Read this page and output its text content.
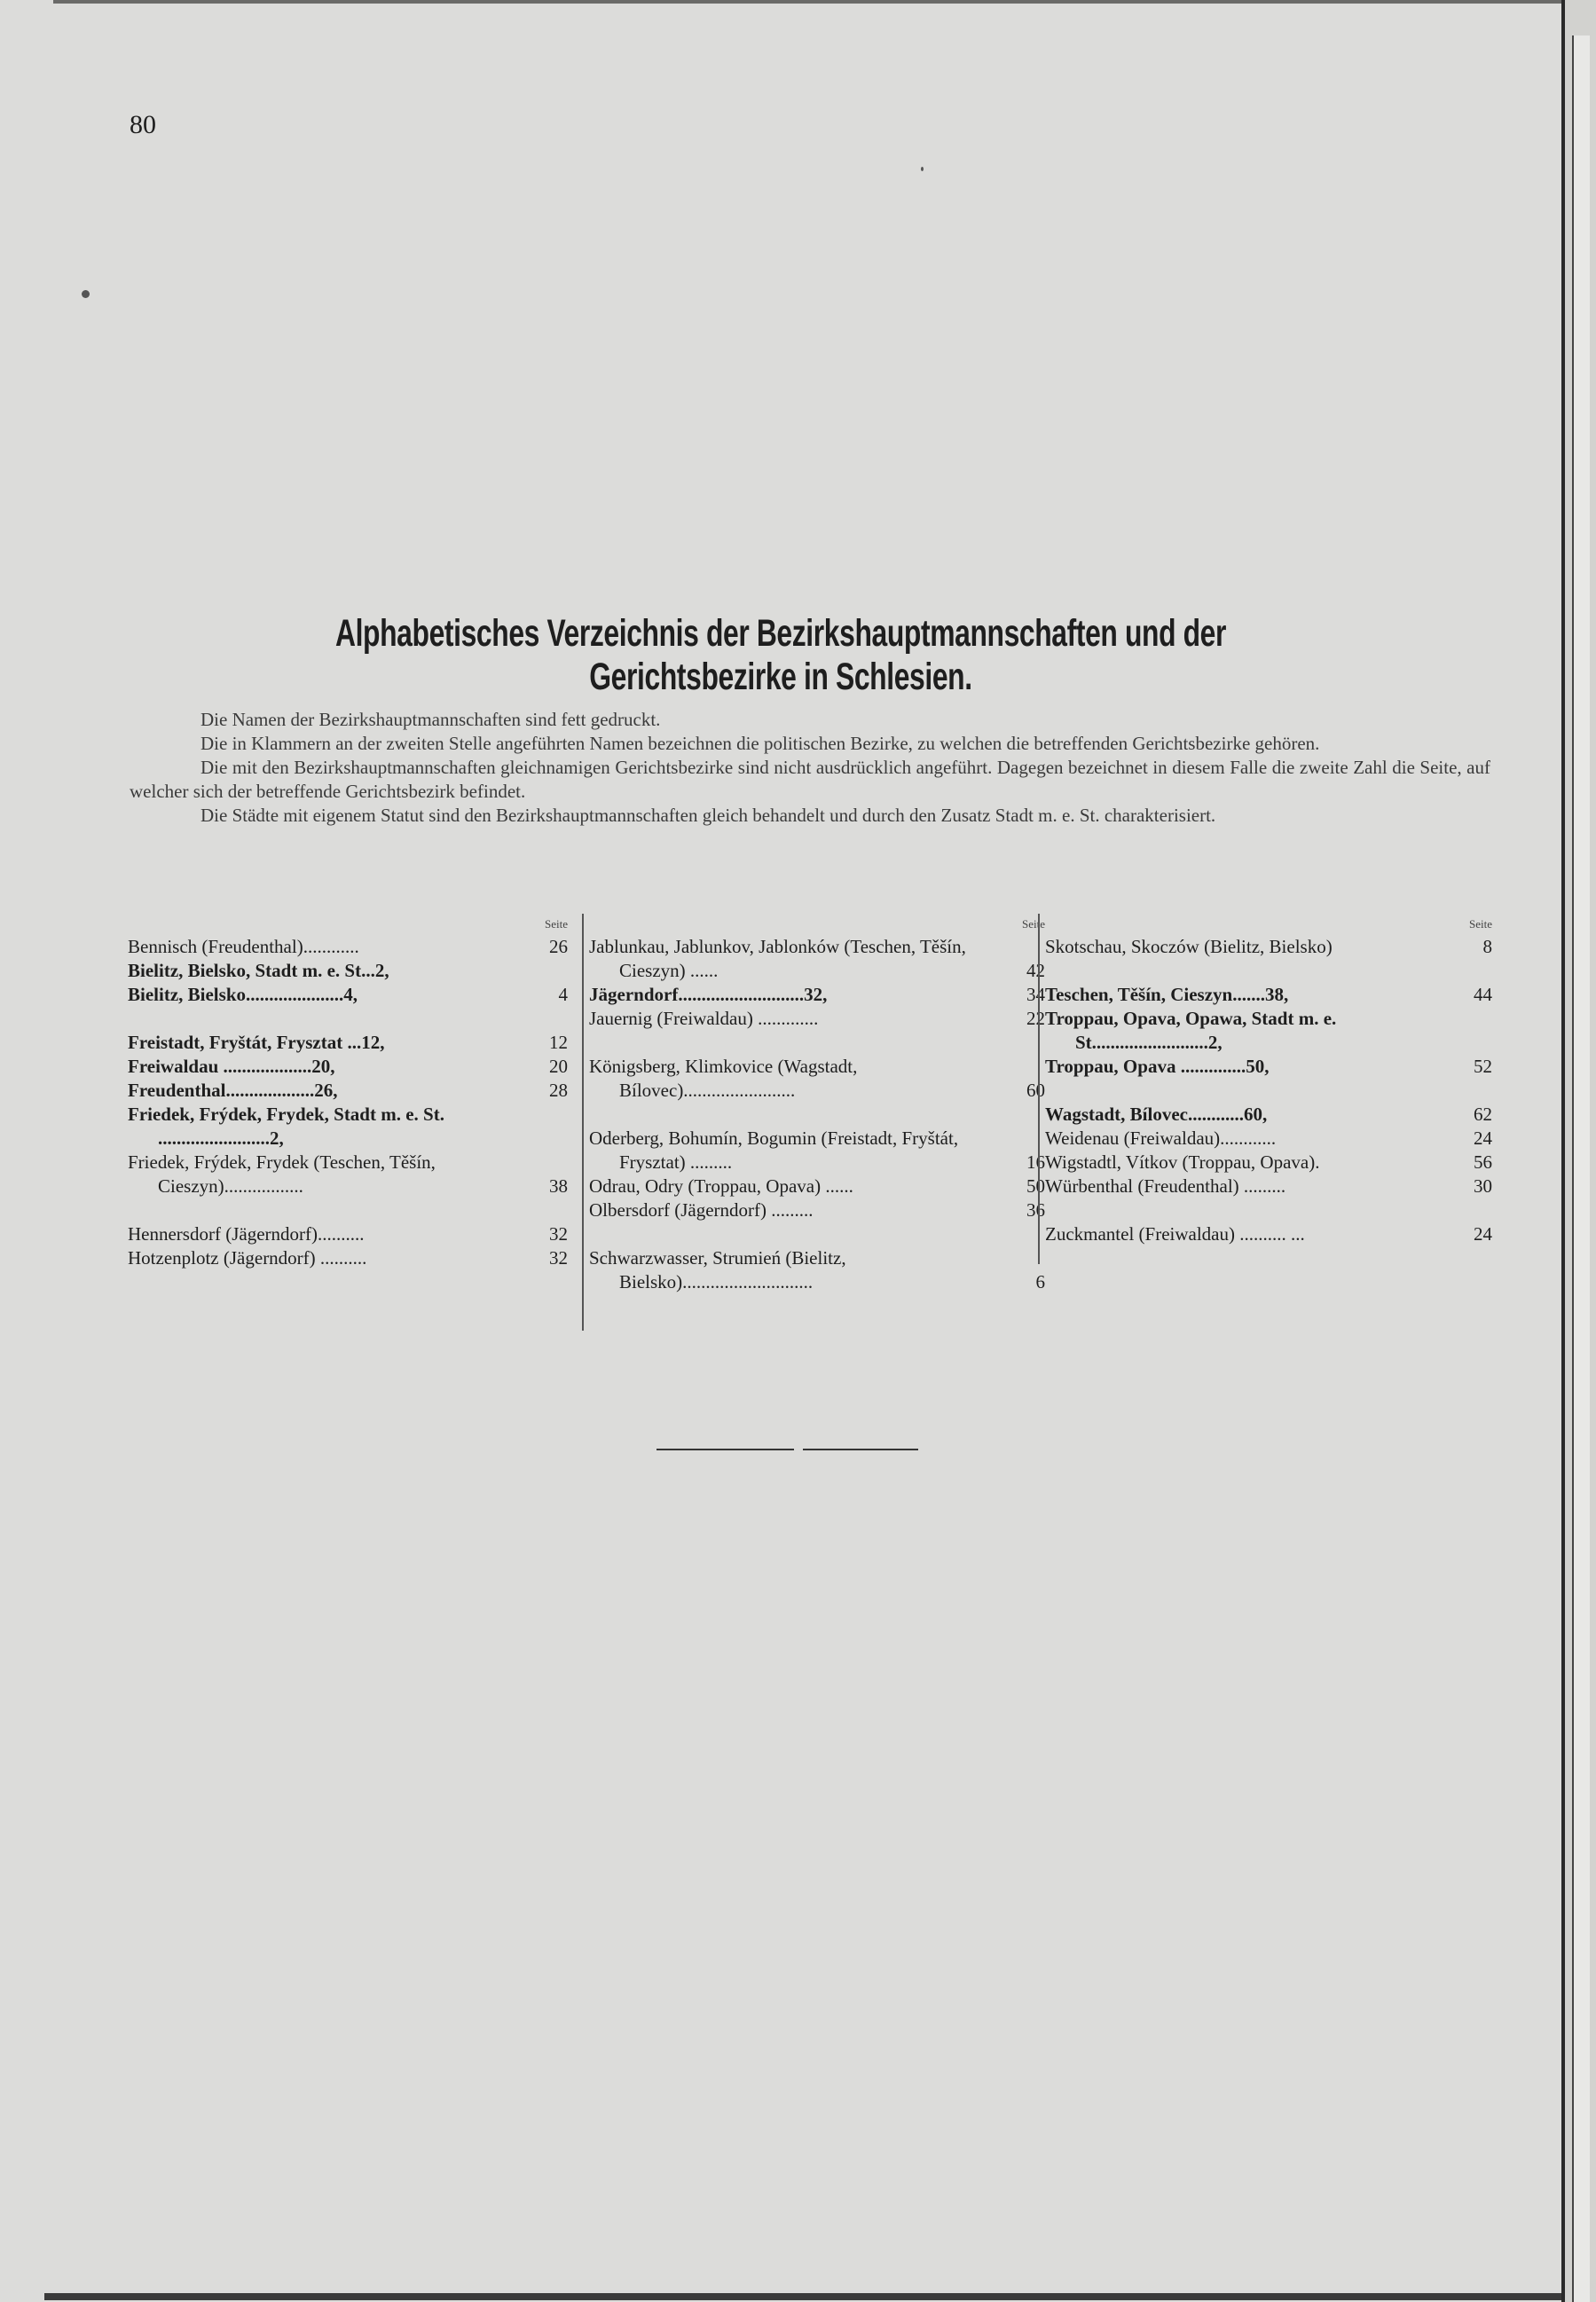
80
Alphabetisches Verzeichnis der Bezirkshauptmannschaften und der Gerichtsbezirke in Schlesien.

Die Namen der Bezirkshauptmannschaften sind fett gedruckt.

Die in Klammern an der zweiten Stelle angeführten Namen bezeichnen die politischen Bezirke, zu welchen die betreffenden Gerichtsbezirke gehören.

Die mit den Bezirkshauptmannschaften gleichnamigen Gerichtsbezirke sind nicht ausdrücklich angeführt. Dagegen bezeichnet in diesem Falle die zweite Zahl die Seite, auf welcher sich der betreffende Gerichtsbezirk befindet.

Die Städte mit eigenem Statut sind den Bezirkshauptmannschaften gleich behandelt und durch den Zusatz Stadt m. e. St. charakterisiert.

Seite
Bennisch (Freudenthal)............	26
Bielitz, Bielsko, Stadt m. e. St...2,
Bielitz, Bielsko.....................4,	4
Freistadt, Fryštát, Frysztat ...12,	12
Freiwaldau ...................20,	20
Freudenthal...................26,	28
Friedek, Frýdek, Frydek, Stadt m. e. St. ........................2,
Friedek, Frýdek, Frydek (Teschen, Těšín, Cieszyn).................	38
Hennersdorf (Jägerndorf)..........	32
Hotzenplotz (Jägerndorf) ..........	32
Seite
Jablunkau, Jablunkov, Jablonków (Teschen, Těšín, Cieszyn) ......	42
Jägerndorf...........................32,	34
Jauernig (Freiwaldau) .............	22
Königsberg, Klimkovice (Wagstadt, Bílovec)........................	60
Oderberg, Bohumín, Bogumin (Freistadt, Fryštát, Frysztat) .........	16
Odrau, Odry (Troppau, Opava) ......	50
Olbersdorf (Jägerndorf) .........	36
Schwarzwasser, Strumień (Bielitz, Bielsko)............................	6
Seite
Skotschau, Skoczów (Bielitz, Bielsko)	8
Teschen, Těšín, Cieszyn.......38,	44
Troppau, Opava, Opawa, Stadt m. e. St.........................2,
Troppau, Opava ..............50,	52
Wagstadt, Bílovec............60,	62
Weidenau (Freiwaldau)............	24
Wigstadtl, Vítkov (Troppau, Opava).	56
Würbenthal (Freudenthal) .........	30
Zuckmantel (Freiwaldau) .......... ...	24
